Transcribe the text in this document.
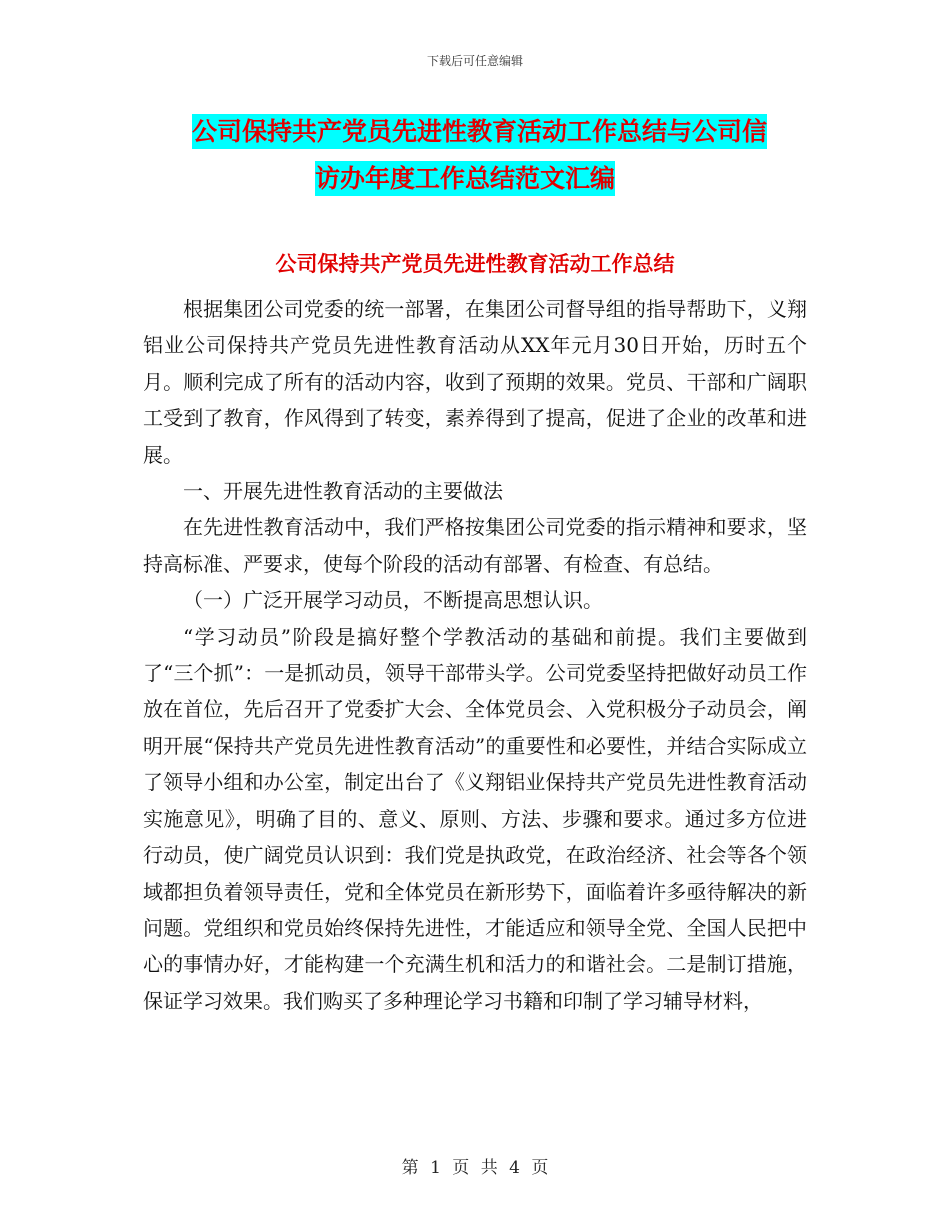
下载后可任意编辑
公司保持共产党员先进性教育活动工作总结与公司信
访办年度工作总结范文汇编
公司保持共产党员先进性教育活动工作总结

根据集团公司党委的统一部署，在集团公司督导组的指导帮助下，义翔铝业公司保持共产党员先进性教育活动从XX年元月30日开始，历时五个月。顺利完成了所有的活动内容，收到了预期的效果。党员、干部和广阔职工受到了教育，作风得到了转变，素养得到了提高，促进了企业的改革和进展。

一、开展先进性教育活动的主要做法

在先进性教育活动中，我们严格按集团公司党委的指示精神和要求，坚持高标准、严要求，使每个阶段的活动有部署、有检查、有总结。

（一）广泛开展学习动员，不断提高思想认识。

“学习动员”阶段是搞好整个学教活动的基础和前提。我们主要做到了“三个抓”：一是抓动员，领导干部带头学。公司党委坚持把做好动员工作放在首位，先后召开了党委扩大会、全体党员会、入党积极分子动员会，阐明开展“保持共产党员先进性教育活动”的重要性和必要性，并结合实际成立了领导小组和办公室，制定出台了《义翔铝业保持共产党员先进性教育活动实施意见》，明确了目的、意义、原则、方法、步骤和要求。通过多方位进行动员，使广阔党员认识到：我们党是执政党，在政治经济、社会等各个领域都担负着领导责任，党和全体党员在新形势下，面临着许多亟待解决的新问题。党组织和党员始终保持先进性，才能适应和领导全党、全国人民把中心的事情办好，才能构建一个充满生机和活力的和谐社会。二是制订措施，保证学习效果。我们购买了多种理论学习书籍和印制了学习辅导材料，

第 1 页 共 4 页
